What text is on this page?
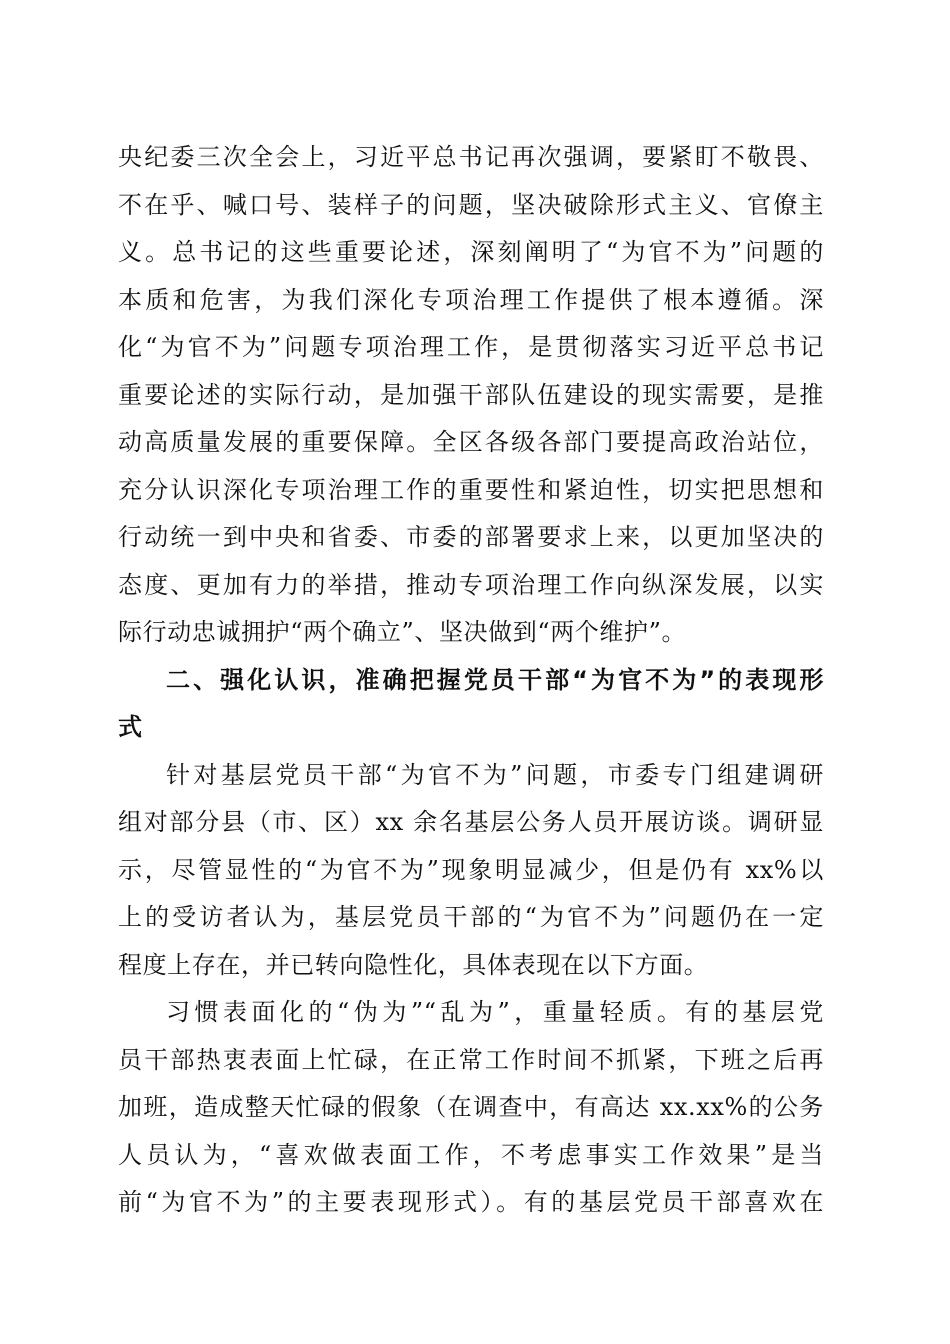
央纪委三次全会上，习近平总书记再次强调，要紧盯不敬畏、
不在乎、喊口号、装样子的问题，坚决破除形式主义、官僚主
义。总书记的这些重要论述，深刻阐明了“为官不为”问题的
本质和危害，为我们深化专项治理工作提供了根本遵循。深
化“为官不为”问题专项治理工作，是贯彻落实习近平总书记
重要论述的实际行动，是加强干部队伍建设的现实需要，是推
动高质量发展的重要保障。全区各级各部门要提高政治站位，
充分认识深化专项治理工作的重要性和紧迫性，切实把思想和
行动统一到中央和省委、市委的部署要求上来，以更加坚决的
态度、更加有力的举措，推动专项治理工作向纵深发展，以实
际行动忠诚拥护“两个确立”、坚决做到“两个维护”。

二、强化认识，准确把握党员干部“为官不为”的表现形
式

针对基层党员干部“为官不为”问题，市委专门组建调研
组对部分县（市、区）xx 余名基层公务人员开展访谈。调研显
示，尽管显性的“为官不为”现象明显减少，但是仍有 xx%以
上的受访者认为，基层党员干部的“为官不为”问题仍在一定
程度上存在，并已转向隐性化，具体表现在以下方面。

习惯表面化的“伪为”“乱为”，重量轻质。有的基层党
员干部热衷表面上忙碌，在正常工作时间不抓紧，下班之后再
加班，造成整天忙碌的假象（在调查中，有高达 xx.xx%的公务
人员认为，“喜欢做表面工作，不考虑事实工作效果”是当
前“为官不为”的主要表现形式）。有的基层党员干部喜欢在
